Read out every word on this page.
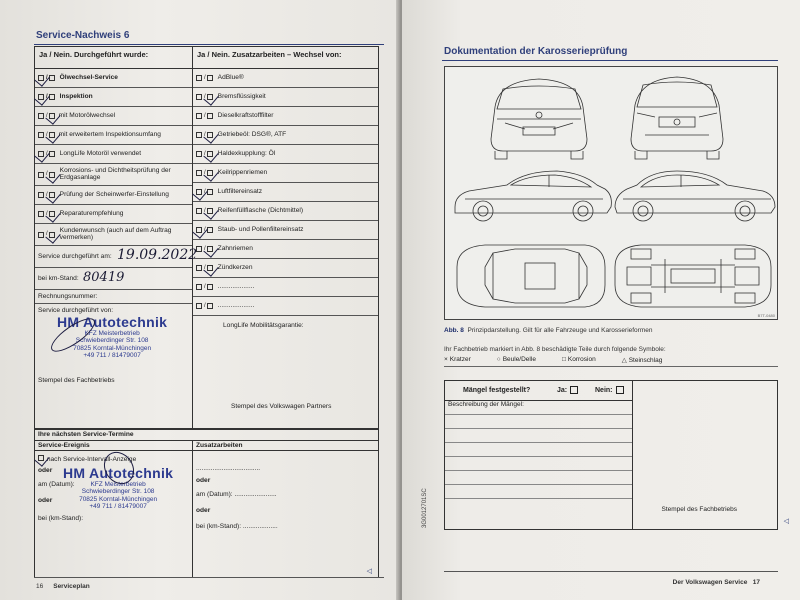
Service-Nachweis 6
Ja / Nein. Durchgeführt wurde:
/ Ölwechsel-Service
/ Inspektion
/ mit Motorölwechsel
/ mit erweitertem Inspektionsumfang
/ LongLife Motoröl verwendet
/
Korrosions- und Dichtheitsprüfung der Erdgasanlage
/ Prüfung der Scheinwerfer-Einstellung
/ Reparaturempfehlung
/
Kundenwunsch (auch auf dem Auftrag vermerken)
Service durchgeführt am: 19.09.2022
bei km-Stand: 80419
Rechnungsnummer:
Service durchgeführt von:
HM Autotechnik
KFZ Meisterbetrieb
Schwieberdinger Str. 108
70825 Korntal-Münchingen
+49 711 / 81479007
Stempel des Fachbetriebs
Ja / Nein. Zusatzarbeiten – Wechsel von:
/ AdBlue®
/ Bremsflüssigkeit
/ Dieselkraftstofffilter
/ Getriebeöl: DSG®, ATF
/ Haldexkupplung: Öl
/ Keilrippenriemen
/ Luftfiltereinsatz
/ Reifenfüllflasche (Dichtmittel)
/ Staub- und Pollenfiltereinsatz
/ Zahnriemen
/ Zündkerzen
/ ....................
/ ....................
LongLife Mobilitätsgarantie:
Stempel des Volkswagen Partners
Ihre nächsten Service-Termine
Service-Ereignis
nach Service-Intervall-Anzeige
oder
am (Datum):
oder
bei (km-Stand):
HM Autotechnik
KFZ Meisterbetrieb
Schwieberdinger Str. 108
70825 Korntal-Münchingen
+49 711 / 81479007
Zusatzarbeiten
...................................
oder
am (Datum): .......................
oder
bei (km-Stand): ...................
◁
16 Serviceplan
Dokumentation der Karosserieprüfung
B7T-0480
Abb. 8 Prinzipdarstellung. Gilt für alle Fahrzeuge und Karosserieformen
Ihr Fachbetrieb markiert in Abb. 8 beschädigte Teile durch folgende Symbole:
× Kratzer	○ Beule/Delle	□ Korrosion	△ Steinschlag
Mängel festgestellt?	Ja:	Nein:
Beschreibung der Mängel:
Stempel des Fachbetriebs
◁
3G0012701SC
Der Volkswagen Service 17
